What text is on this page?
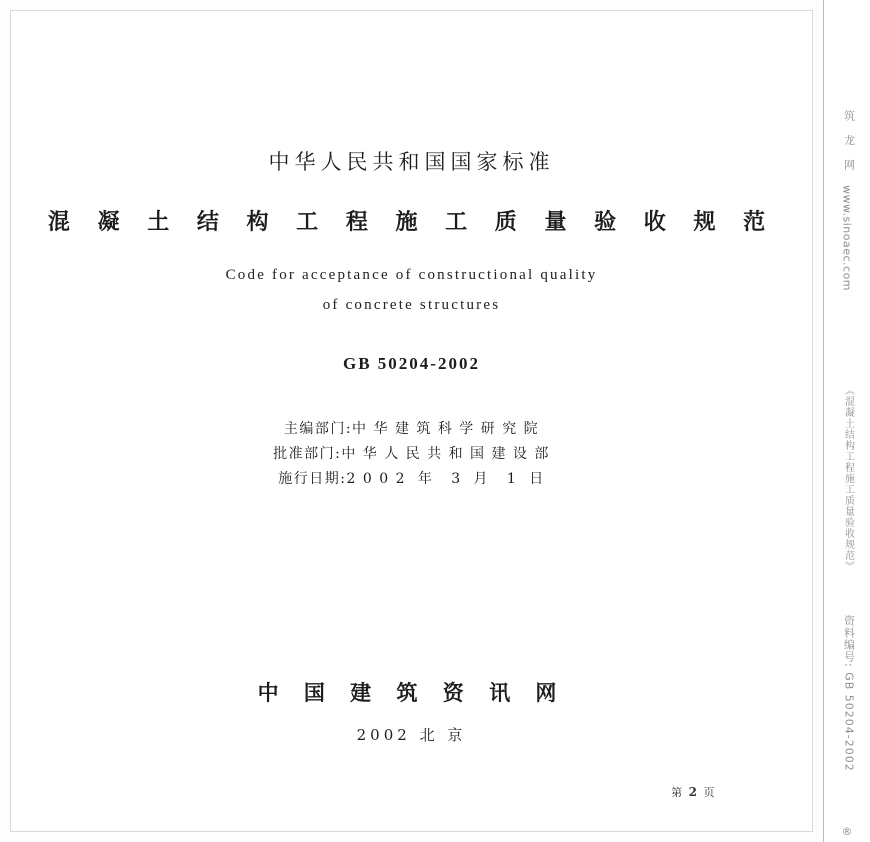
中华人民共和国国家标准
混 凝 土 结 构 工 程 施 工 质 量 验 收 规 范
Code for acceptance of constructional quality
of concrete structures
GB 50204-2002
主编部门:中 华 建 筑 科 学 研 究 院
批准部门:中 华 人 民 共 和 国 建 设 部
施行日期:2 0 0 2  年   3  月   1  日
中 国 建 筑 资 讯 网
2002 北 京
第 2 页
筑 龙 网
www.sinoaec.com
《混凝土结构工程施工质量验收规范》
资料编号: GB 50204-2002
®
